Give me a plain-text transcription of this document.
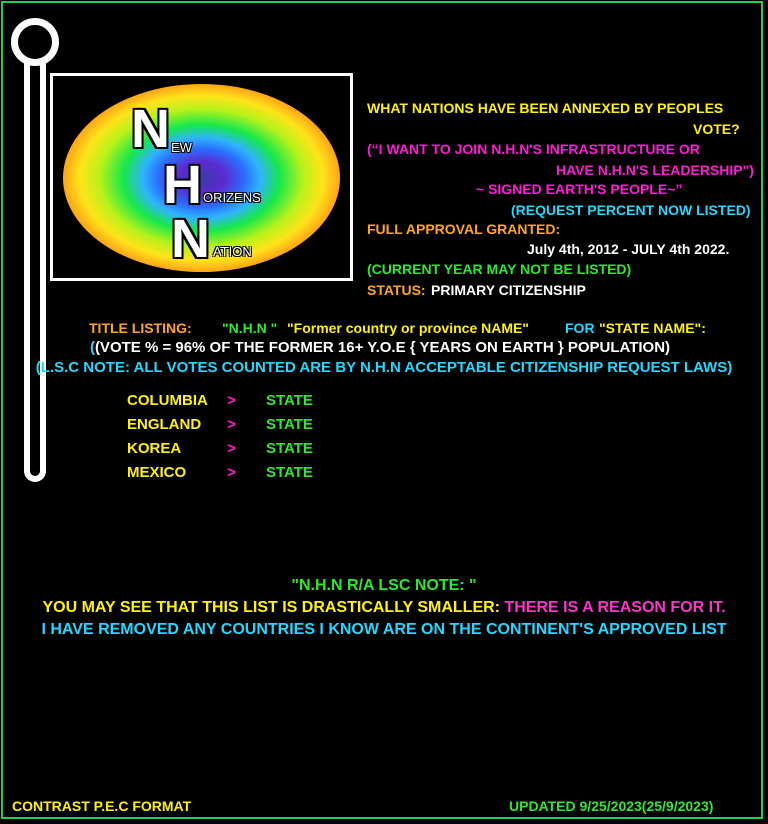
N EW
H ORIZENS
N ATION
WHAT NATIONS HAVE BEEN ANNEXED BY PEOPLES
VOTE?
(“I WANT TO JOIN N.H.N'S INFRASTRUCTURE OR
HAVE N.H.N'S LEADERSHIP")
~ SIGNED EARTH'S PEOPLE~”
(REQUEST PERCENT NOW LISTED)
FULL APPROVAL GRANTED:
July 4th, 2012 - JULY 4th 2022.
(CURRENT YEAR MAY NOT BE LISTED)
STATUS: PRIMARY CITIZENSHIP
TITLE LISTING: "N.H.N " "Former country or province NAME"	FOR "STATE NAME":
((VOTE % = 96% OF THE FORMER 16+ Y.O.E { YEARS ON EARTH } POPULATION)
(L.S.C NOTE: ALL VOTES COUNTED ARE BY N.H.N ACCEPTABLE CITIZENSHIP REQUEST LAWS)
COLUMBIA > STATE
ENGLAND > STATE
KOREA	> STATE
MEXICO	> STATE
"N.H.N R/A LSC NOTE: "
YOU MAY SEE THAT THIS LIST IS DRASTICALLY SMALLER: THERE IS A REASON FOR IT.
I HAVE REMOVED ANY COUNTRIES I KNOW ARE ON THE CONTINENT'S APPROVED LIST
CONTRAST P.E.C FORMAT	UPDATED 9/25/2023(25/9/2023)
